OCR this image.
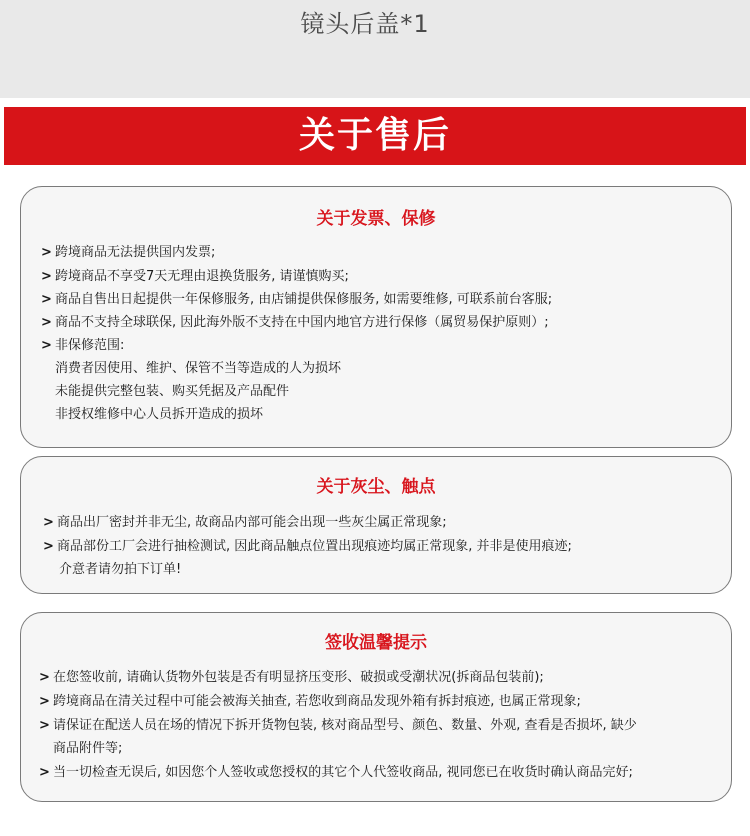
镜头后盖*1
关于售后
关于发票、保修
> 跨境商品无法提供国内发票;
> 跨境商品不享受7天无理由退换货服务, 请谨慎购买;
> 商品自售出日起提供一年保修服务, 由店铺提供保修服务, 如需要维修, 可联系前台客服;
> 商品不支持全球联保, 因此海外版不支持在中国内地官方进行保修（属贸易保护原则）;
> 非保修范围:
消费者因使用、维护、保管不当等造成的人为损坏
未能提供完整包装、购买凭据及产品配件
非授权维修中心人员拆开造成的损坏
关于灰尘、触点
> 商品出厂密封并非无尘, 故商品内部可能会出现一些灰尘属正常现象;
> 商品部份工厂会进行抽检测试, 因此商品触点位置出现痕迹均属正常现象, 并非是使用痕迹;
介意者请勿拍下订单!
签收温馨提示
> 在您签收前, 请确认货物外包装是否有明显挤压变形、破损或受潮状况(拆商品包装前);
> 跨境商品在清关过程中可能会被海关抽查, 若您收到商品发现外箱有拆封痕迹, 也属正常现象;
> 请保证在配送人员在场的情况下拆开货物包装, 核对商品型号、颜色、数量、外观, 查看是否损坏, 缺少
商品附件等;
> 当一切检查无误后, 如因您个人签收或您授权的其它个人代签收商品, 视同您已在收货时确认商品完好;
